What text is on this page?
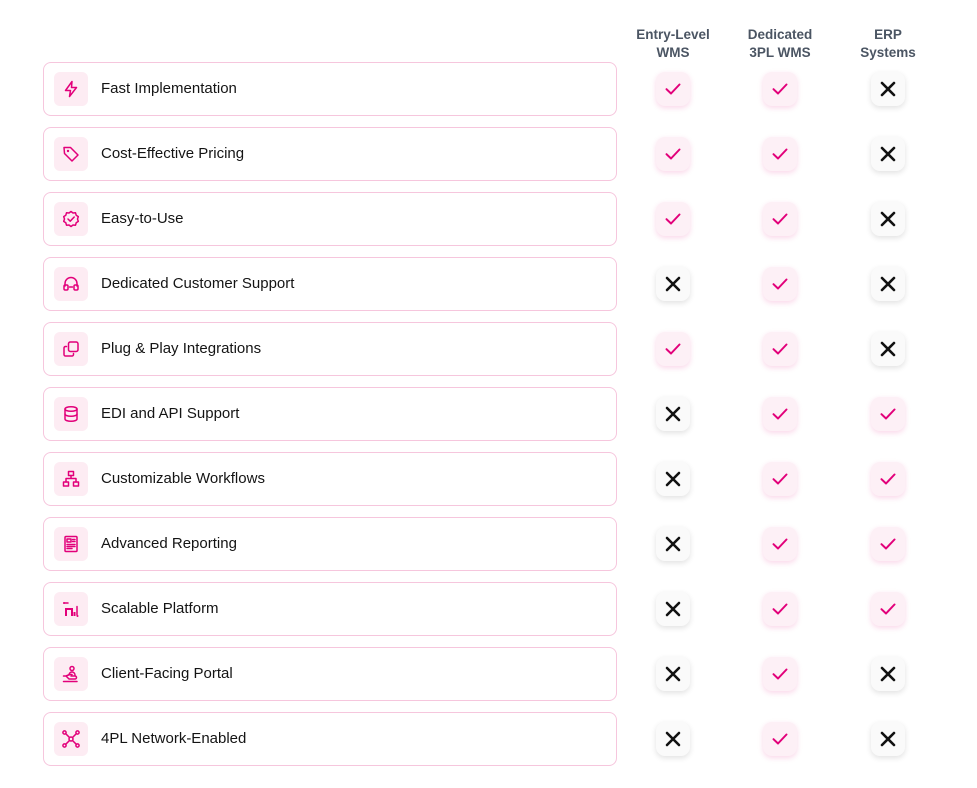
Entry-Level
WMS
Dedicated
3PL WMS
ERP
Systems
Fast Implementation
Cost-Effective Pricing
Easy-to-Use
Dedicated Customer Support
Plug & Play Integrations
EDI and API Support
Customizable Workflows
Advanced Reporting
Scalable Platform
Client-Facing Portal
4PL Network-Enabled
